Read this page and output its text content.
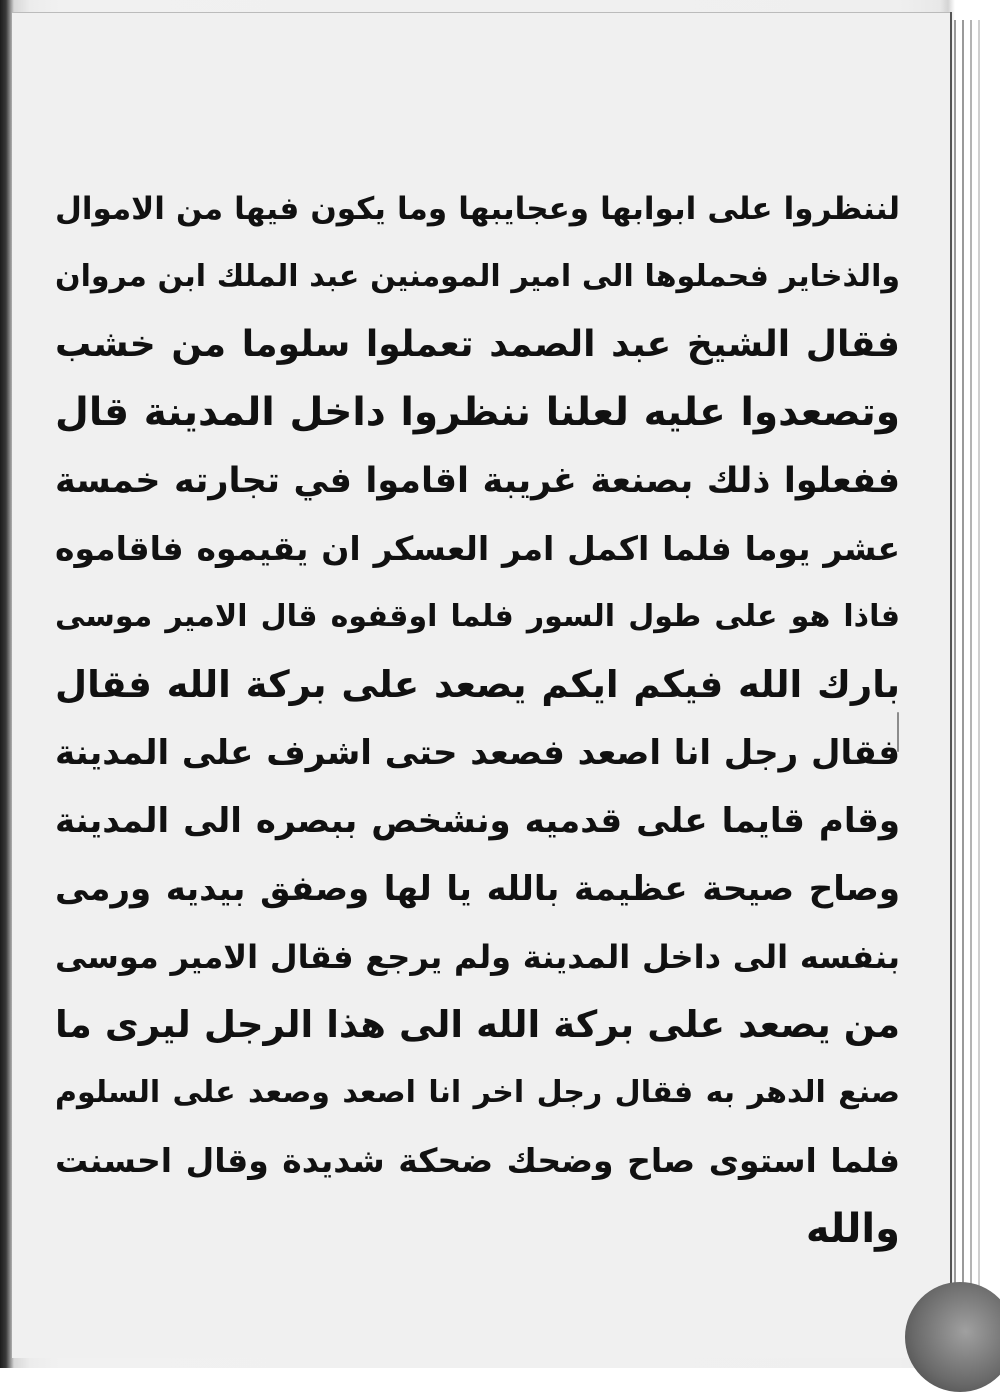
لننظروا على ابوابها وعجايبها وما يكون فيها من الاموال
والذخاير فحملوها الى امير المومنين عبد الملك ابن مروان
فقال الشيخ عبد الصمد تعملوا سلوما من خشب
وتصعدوا عليه لعلنا ننظروا داخل المدينة قال
ففعلوا ذلك بصنعة غريبة اقاموا في تجارته خمسة
عشر يوما فلما اكمل امر العسكر ان يقيموه فاقاموه
فاذا هو على طول السور فلما اوقفوه قال الامير موسى
بارك الله فيكم ايكم يصعد على بركة الله فقال
فقال رجل انا اصعد فصعد حتى اشرف على المدينة
وقام قايما على قدميه ونشخص ببصره الى المدينة
وصاح صيحة عظيمة بالله يا لها وصفق بيديه ورمى
بنفسه الى داخل المدينة ولم يرجع فقال الامير موسى
من يصعد على بركة الله الى هذا الرجل ليرى ما
صنع الدهر به فقال رجل اخر انا اصعد وصعد على السلوم
فلما استوى صاح وضحك ضحكة شديدة وقال احسنت
والله
